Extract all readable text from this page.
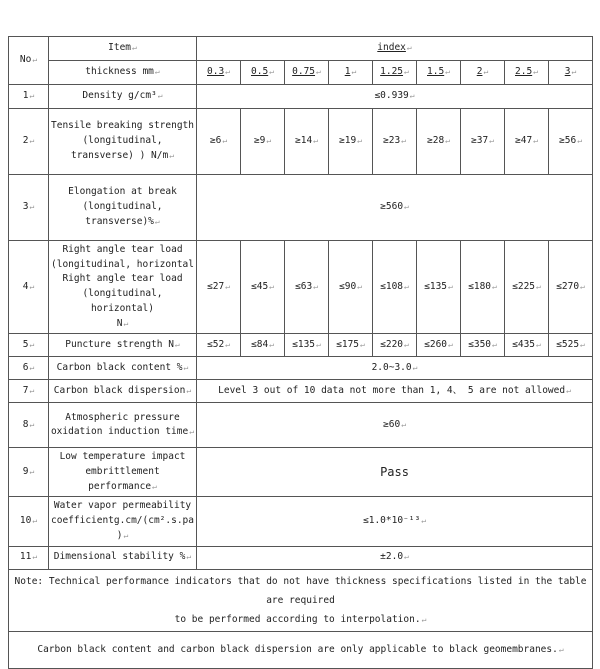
No↵	Item↵	index↵								
	thickness mm↵	0.3↵	0.5↵	0.75↵	1↵	1.25↵	1.5↵	2↵	2.5↵	3↵
1↵	Density g/cm³↵	≤0.939↵								
2↵	Tensile breaking strength
(longitudinal,
transverse) ) N/m↵	≥6↵	≥9↵	≥14↵	≥19↵	≥23↵	≥28↵	≥37↵	≥47↵	≥56↵
3↵	Elongation at break
(longitudinal,
transverse)%↵	≥560↵								
4↵	Right angle tear load
(longitudinal, horizontal
Right angle tear load
(longitudinal, horizontal)
N↵	≤27↵	≤45↵	≤63↵	≤90↵	≤108↵	≤135↵	≤180↵	≤225↵	≤270↵
5↵	Puncture strength N↵	≤52↵	≤84↵	≤135↵	≤175↵	≤220↵	≤260↵	≤350↵	≤435↵	≤525↵
6↵	Carbon black content %↵	2.0~3.0↵								
7↵	Carbon black dispersion↵	Level 3 out of 10 data not more than 1, 4、 5 are not allowed↵								
8↵	Atmospheric pressure
oxidation induction time↵	≥60↵								
9↵	Low temperature impact
embrittlement performance↵	Pass								
10↵	Water vapor permeability
coefficientg.cm/(cm².s.pa)↵	≤1.0*10⁻¹³↵								
11↵	Dimensional stability %↵	±2.0↵								

Note: Technical performance indicators that do not have thickness specifications listed in the table are required
to be performed according to interpolation.↵										

Carbon black content and carbon black dispersion are only applicable to black geomembranes.↵										
